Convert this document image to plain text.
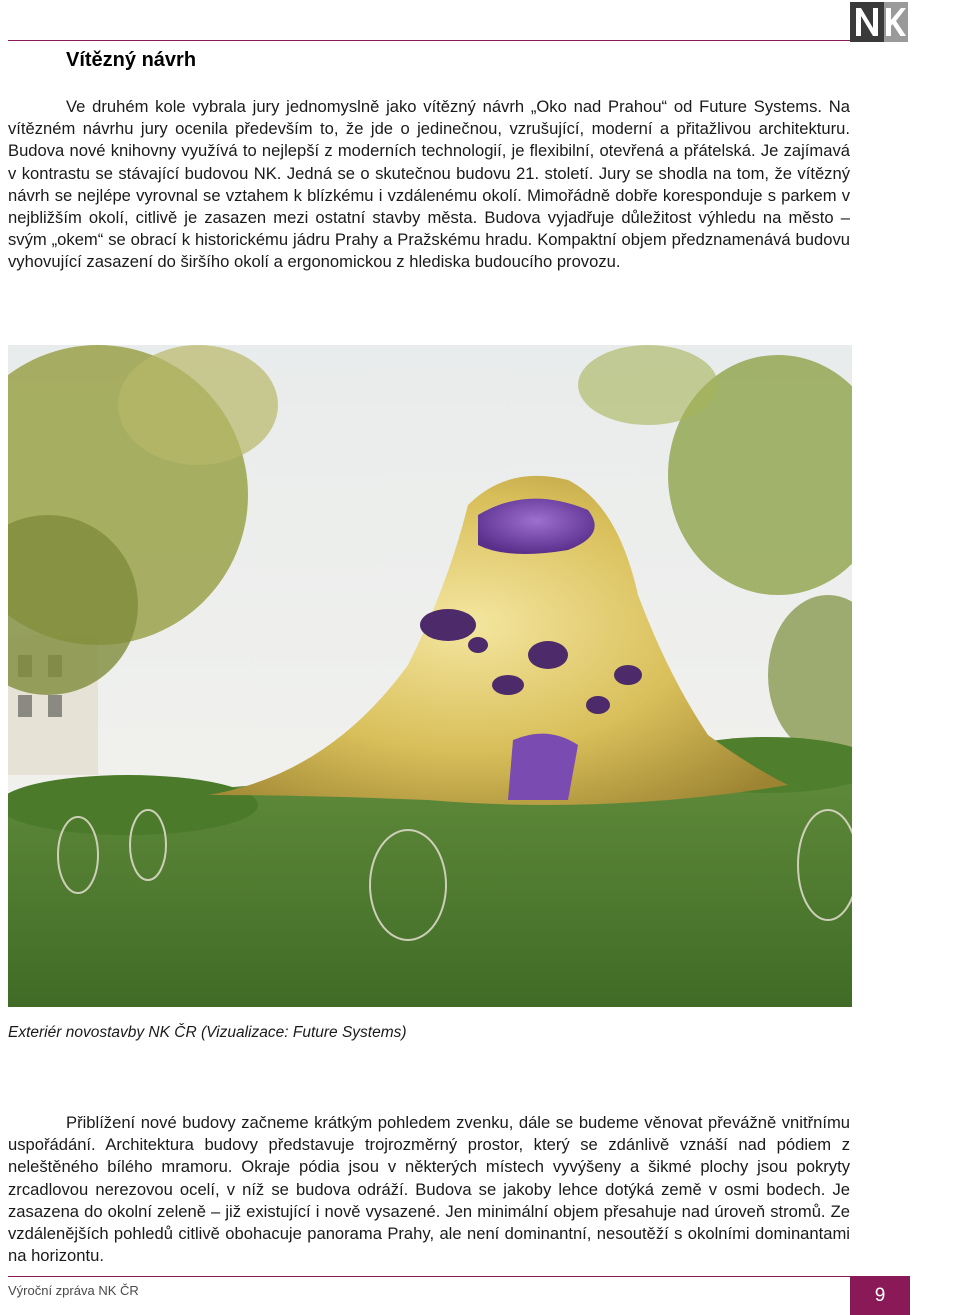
Vítězný návrh

Ve druhém kole vybrala jury jednomyslně jako vítězný návrh „Oko nad Prahou“ od Future Systems. Na vítězném návrhu jury ocenila především to, že jde o jedinečnou, vzrušující, moderní a přitažlivou architekturu. Budova nové knihovny využívá to nejlepší z moderních technologií, je flexibilní, otevřená a přátelská. Je zajímavá v kontrastu se stávající budovou NK. Jedná se o skutečnou budovu 21. století. Jury se shodla na tom, že vítězný návrh se nejlépe vyrovnal se vztahem k blízkému i vzdálenému okolí. Mimořádně dobře koresponduje s parkem v nejbližším okolí, citlivě je zasazen mezi ostatní stavby města. Budova vyjadřuje důležitost výhledu na město – svým „okem“ se obrací k historickému jádru Prahy a Pražskému hradu. Kompaktní objem předznamenává budovu vyhovující zasazení do širšího okolí a ergonomickou z hlediska budoucího provozu.

Exteriér novostavby NK ČR (Vizualizace: Future Systems)

Přiblížení nové budovy začneme krátkým pohledem zvenku, dále se budeme věnovat převážně vnitřnímu uspořádání. Architektura budovy představuje trojrozměrný prostor, který se zdánlivě vznáší nad pódiem z neleštěného bílého mramoru. Okraje pódia jsou v některých místech vyvýšeny a šikmé plochy jsou pokryty zrcadlovou nerezovou ocelí, v níž se budova odráží. Budova se jakoby lehce dotýká země v osmi bodech. Je zasazena do okolní zeleně – již existující i nově vysazené. Jen minimální objem přesahuje nad úroveň stromů. Ze vzdálenějších pohledů citlivě obohacuje panorama Prahy, ale není dominantní, nesoutěží s okolními dominantami na horizontu.

Výroční zpráva NK ČR	9
